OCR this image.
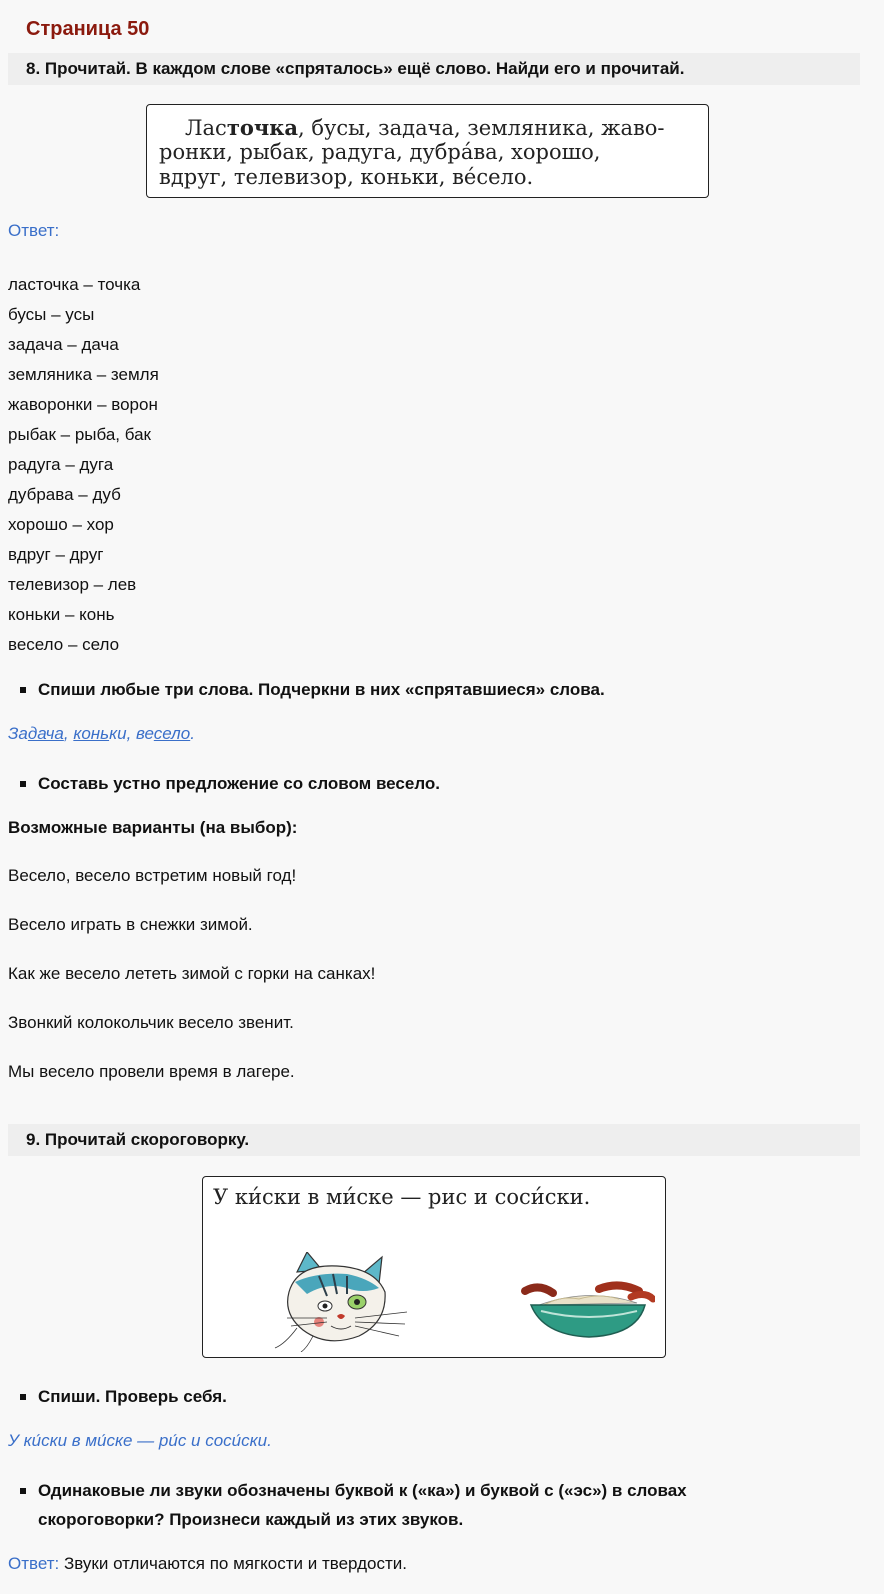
Страница 50
8. Прочитай. В каждом слове «спряталось» ещё слово. Найди его и прочитай.
Ласточка, бусы, задача, земляника, жаво-
ронки, рыбак, радуга, дубрáва, хорошо,
вдруг, телевизор, коньки, вéсело.
Ответ:
ласточка – точка
бусы – усы
задача – дача
земляника – земля
жаворонки – ворон
рыбак – рыба, бак
радуга – дуга
дубрава – дуб
хорошо – хор
вдруг – друг
телевизор – лев
коньки – конь
весело – село
Спиши любые три слова. Подчеркни в них «спрятавшиеся» слова.
Задача, коньки, весело.
Составь устно предложение со словом весело.
Возможные варианты (на выбор):
Весело, весело встретим новый год!
Весело играть в снежки зимой.
Как же весело лететь зимой с горки на санках!
Звонкий колокольчик весело звенит.
Мы весело провели время в лагере.
9. Прочитай скороговорку.
У ки́ски в ми́ске — рис и соси́ски.
Спиши. Проверь себя.
У ки́ски в ми́ске — ри́с и соси́ски.
Одинаковые ли звуки обозначены буквой к («ка») и буквой с («эс») в словах
скороговорки? Произнеси каждый из этих звуков.
Ответ: Звуки отличаются по мягкости и твердости.
